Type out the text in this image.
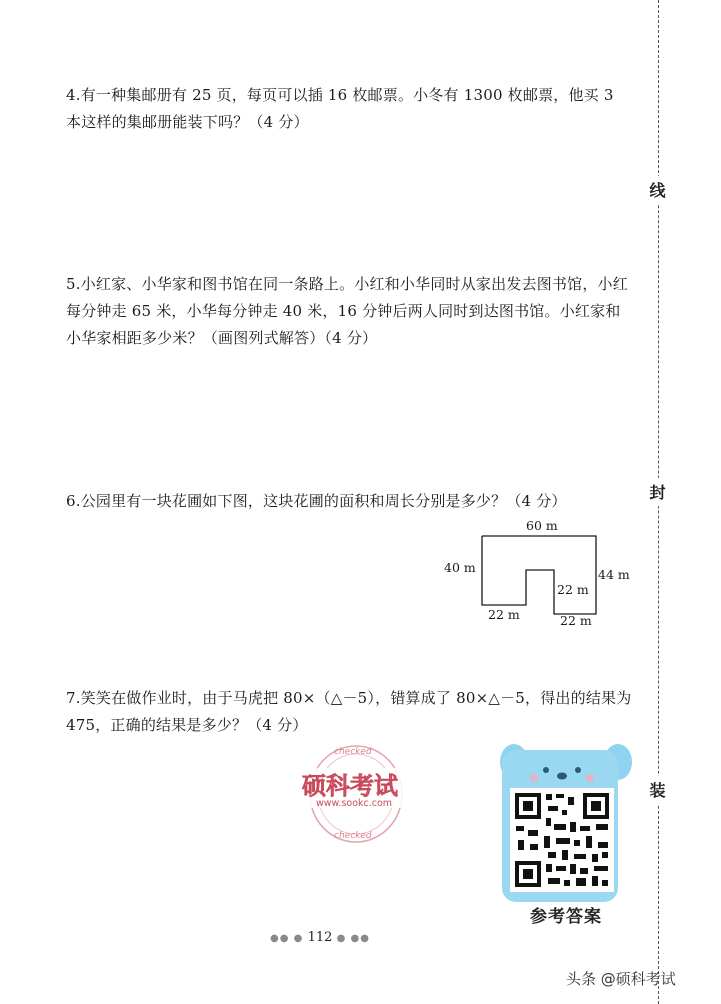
线
封
装
4.有一种集邮册有 25 页，每页可以插 16 枚邮票。小冬有 1300 枚邮票，他买 3 本这样的集邮册能装下吗？（4 分）
5.小红家、小华家和图书馆在同一条路上。小红和小华同时从家出发去图书馆，小红每分钟走 65 米，小华每分钟走 40 米，16 分钟后两人同时到达图书馆。小红家和小华家相距多少米？（画图列式解答）（4 分）
6.公园里有一块花圃如下图，这块花圃的面积和周长分别是多少？（4 分）
7.笑笑在做作业时，由于马虎把 80×（△－5），错算成了 80×△－5，得出的结果为 475，正确的结果是多少？（4 分）
60 m
40 m	44 m
22 m
22 m	22 m
checked
checked
硕科考试
www.sookc.com
参考答案
●● ● 112 ● ●●
头条 @硕科考试
